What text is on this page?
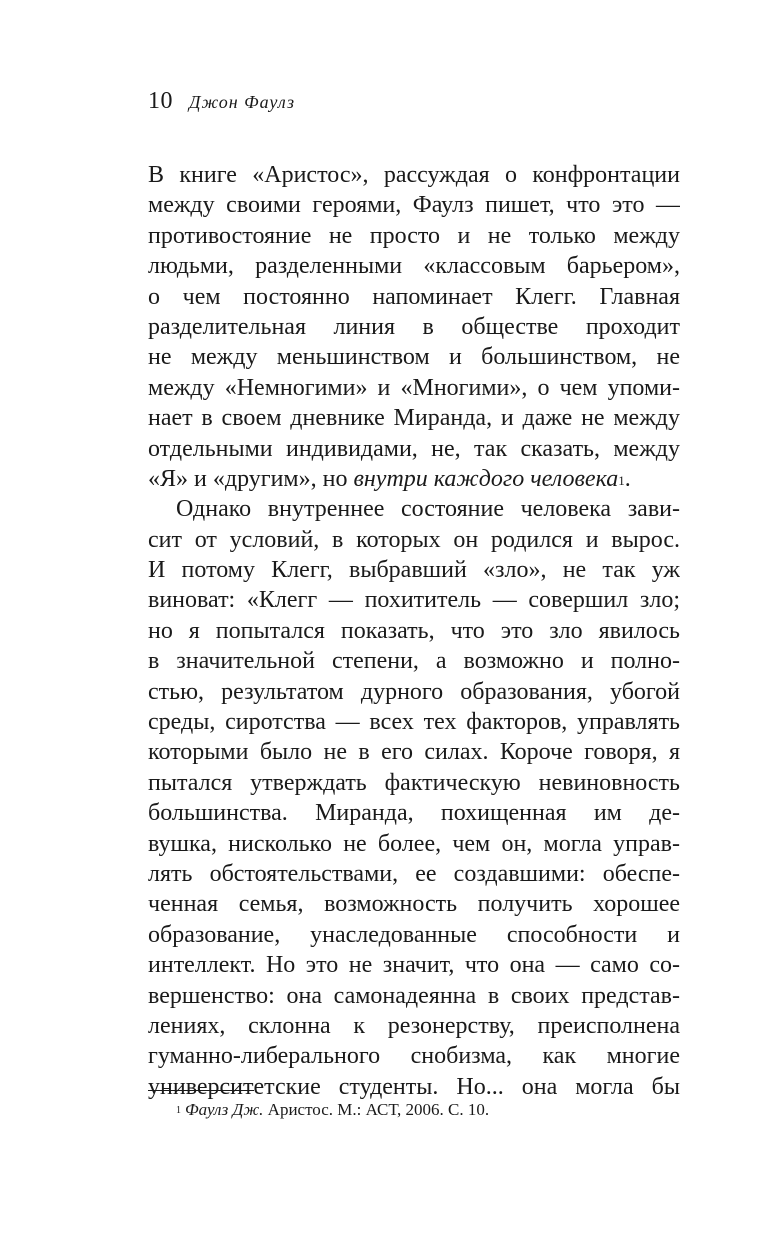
10 Джон Фаулз
В книге «Аристос», рассуждая о конфронтации
между своими героями, Фаулз пишет, что это —
противостояние не просто и не только между
людьми, разделенными «классовым барьером»,
о чем постоянно напоминает Клегг. Главная
разделительная линия в обществе проходит
не между меньшинством и большинством, не
между «Немногими» и «Многими», о чем упоми-
нает в своем дневнике Миранда, и даже не между
отдельными индивидами, не, так сказать, между
«Я» и «другим», но внутри каждого человека$^1$.
Однако внутреннее состояние человека зави-
сит от условий, в которых он родился и вырос.
И потому Клегг, выбравший «зло», не так уж
виноват: «Клегг — похититель — совершил зло;
но я попытался показать, что это зло явилось
в значительной степени, а возможно и полно-
стью, результатом дурного образования, убогой
среды, сиротства — всех тех факторов, управлять
которыми было не в его силах. Короче говоря, я
пытался утверждать фактическую невиновность
большинства. Миранда, похищенная им де-
вушка, нисколько не более, чем он, могла управ-
лять обстоятельствами, ее создавшими: обеспе-
ченная семья, возможность получить хорошее
образование, унаследованные способности и
интеллект. Но это не значит, что она — само со-
вершенство: она самонадеянна в своих представ-
лениях, склонна к резонерству, преисполнена
гуманно-либерального снобизма, как многие
университетские студенты. Но... она могла бы
$^1$ Фаулз Дж. Аристос. М.: АСТ, 2006. С. 10.
